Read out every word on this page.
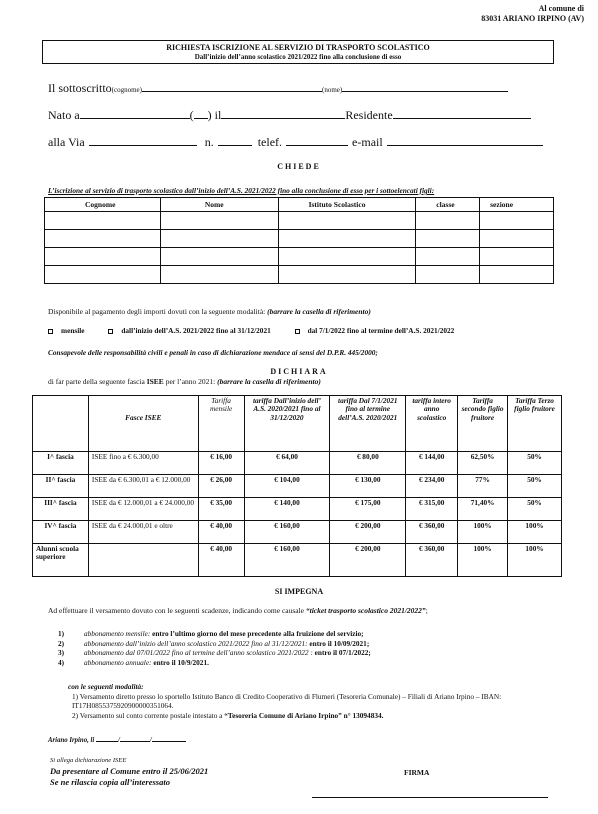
Al comune di
83031 ARIANO IRPINO (AV)
RICHIESTA ISCRIZIONE AL SERVIZIO DI TRASPORTO SCOLASTICO
Dall’inizio dell’anno scolastico 2021/2022 fino alla conclusione di esso
Il sottoscritto(cognome)	(nome)
Nato a	( ) il	Residente
alla Via	n.	telef.	e-mail
CHIEDE
L’iscrizione al servizio di trasporto scolastico dall’inizio dell’A.S. 2021/2022 fino alla conclusione di esso per i sottoelencati figli:
Cognome	Nome	Istituto Scolastico	classe	sezione

Disponibile al pagamento degli importi dovuti con la seguente modalità: (barrare la casella di riferimento)
mensile	dall’inizio dell’A.S. 2021/2022 fino al 31/12/2021	dal 7/1/2022 fino al termine dell’A.S. 2021/2022
Consapevole delle responsabilità civili e penali in caso di dichiarazione mendace ai sensi del D.P.R. 445/2000;
DICHIARA
di far parte della seguente fascia ISEE per l’anno 2021: (barrare la casella di riferimento)
	Fasce ISEE	Tariffa mensile	tariffa Dall’inizio dell’ A.S. 2020/2021 fino al 31/12/2020	tariffa Dal 7/1/2021 fino al termine dell’A.S. 2020/2021	tariffa intero anno scolastico	Tariffa secondo figlio fruitore	Tariffa Terzo figlio fruitore
I^ fascia	ISEE fino a € 6.300,00	€ 16,00	€ 64,00	€ 80,00	€ 144,00	62,50%	50%
II^ fascia	ISEE da € 6.300,01 a € 12.000,00	€ 26,00	€ 104,00	€ 130,00	€ 234,00	77%	50%
III^ fascia	ISEE da € 12.000,01 a € 24.000,00	€ 35,00	€ 140,00	€ 175,00	€ 315,00	71,40%	50%
IV^ fascia	ISEE da € 24.000,01 e oltre	€ 40,00	€ 160,00	€ 200,00	€ 360,00	100%	100%
Alunni scuola superiore		€ 40,00	€ 160,00	€ 200,00	€ 360,00	100%	100%
SI IMPEGNA
Ad effettuare il versamento dovuto con le seguenti scadenze, indicando come causale “ticket trasporto scolastico 2021/2022”;
1)	abbonamento mensile: entro l’ultimo giorno del mese precedente alla fruizione del servizio;
2)	abbonamento dall’inizio dell’anno scolastico 2021/2022 fino al 31/12/2021: entro il 10/09/2021;
3)	abbonamento dal 07/01/2022 fino al termine dell’anno scolastico 2021/2022 : entro il 07/1/2022;
4)	abbonamento annuale: entro il 10/9/2021.
con le seguenti modalità:
1) Versamento diretto presso lo sportello Istituto Banco di Credito Cooperativo di Flumeri (Tesoreria Comunale) – Filiali di Ariano Irpino – IBAN: IT17H0855375920900000351064.
2) Versamento sul conto corrente postale intestato a “Tesoreria Comune di Ariano Irpino” n° 13094834.
Ariano Irpino, li	/	/
Si allega dichiarazione ISEE
Da presentare al Comune entro il 25/06/2021
Se ne rilascia copia all’interessato
FIRMA
